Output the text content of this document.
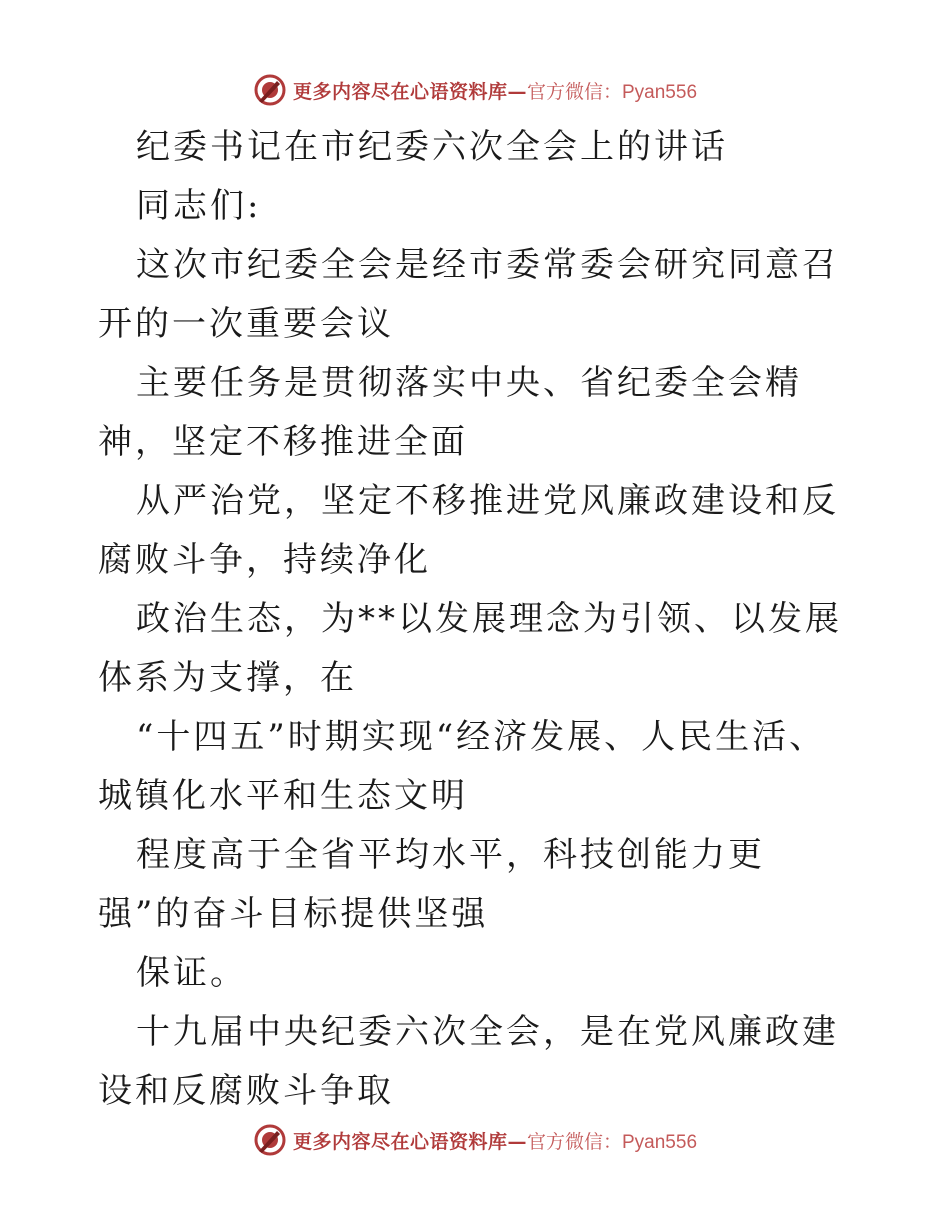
更多内容尽在心语资料库— 官方微信：Pyan556

纪委书记在市纪委六次全会上的讲话

同志们:

这次市纪委全会是经市委常委会研究同意召开的一次重要会议

主要任务是贯彻落实中央、省纪委全会精神，坚定不移推进全面

从严治党，坚定不移推进党风廉政建设和反腐败斗争，持续净化

政治生态，为**以发展理念为引领、以发展体系为支撑，在

“十四五”时期实现“经济发展、人民生活、城镇化水平和生态文明

程度高于全省平均水平，科技创能力更强”的奋斗目标提供坚强

保证。

十九届中央纪委六次全会，是在党风廉政建设和反腐败斗争取

更多内容尽在心语资料库— 官方微信：Pyan556
